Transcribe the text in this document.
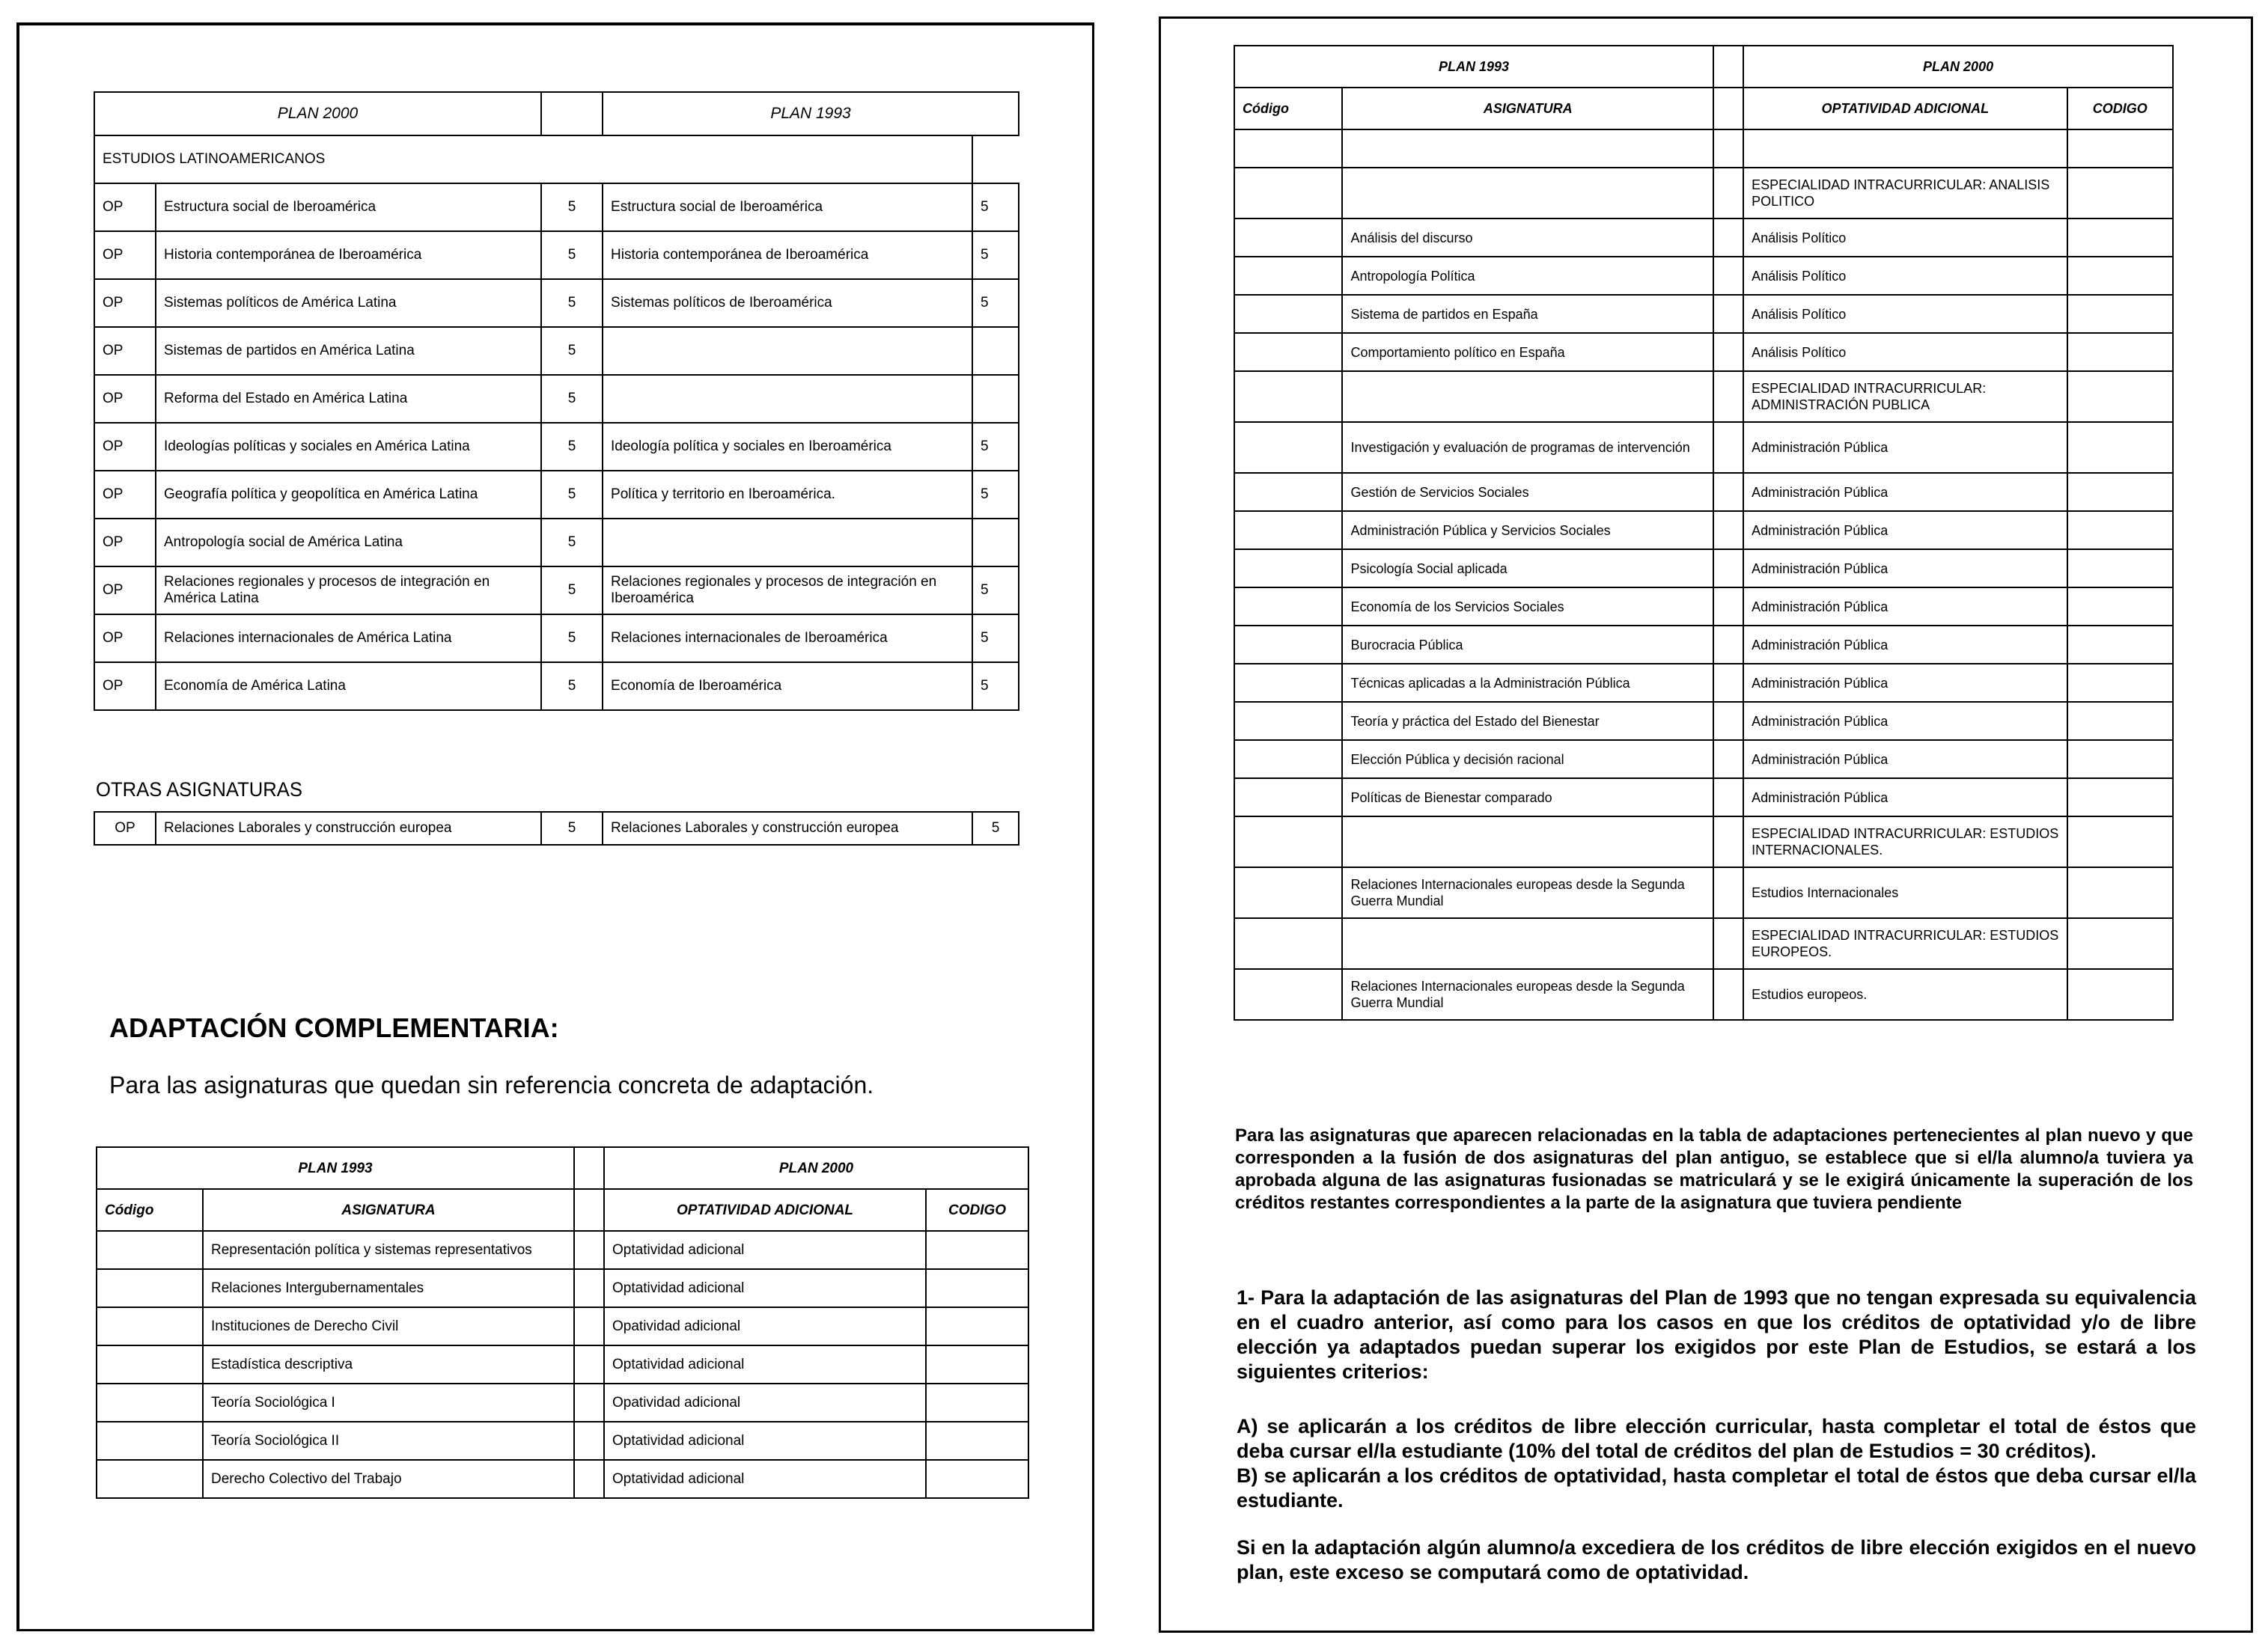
PLAN 2000			PLAN 1993	
ESTUDIOS LATINOAMERICANOS				
OP	Estructura social de Iberoamérica	5	Estructura social de Iberoamérica	5
OP	Historia contemporánea de Iberoamérica	5	Historia contemporánea de Iberoamérica	5
OP	Sistemas políticos de América Latina	5	Sistemas políticos de Iberoamérica	5
OP	Sistemas de partidos en América Latina	5		
OP	Reforma del Estado en América Latina	5		
OP	Ideologías políticas y sociales en América Latina	5	Ideología política y sociales en Iberoamérica	5
OP	Geografía política y geopolítica en América Latina	5	Política y territorio en Iberoamérica.	5
OP	Antropología social de América Latina	5		
OP	Relaciones regionales y procesos de integración en América Latina	5	Relaciones regionales y procesos de integración en Iberoamérica	5
OP	Relaciones internacionales de América Latina	5	Relaciones internacionales de Iberoamérica	5
OP	Economía de América Latina	5	Economía de Iberoamérica	5
OTRAS ASIGNATURAS
OP	Relaciones Laborales y construcción europea	5	Relaciones Laborales y construcción europea	5
ADAPTACIÓN COMPLEMENTARIA:
Para las asignaturas que quedan sin referencia concreta de adaptación.
PLAN 1993			PLAN 2000	
Código	ASIGNATURA		OPTATIVIDAD ADICIONAL	CODIGO
	Representación política y sistemas representativos		Optatividad adicional	
	Relaciones Intergubernamentales		Optatividad adicional	
	Instituciones de Derecho Civil		Opatividad adicional	
	Estadística descriptiva		Optatividad adicional	
	Teoría Sociológica I		Opatividad adicional	
	Teoría Sociológica II		Optatividad adicional	
	Derecho Colectivo del Trabajo		Optatividad adicional	
PLAN 1993			PLAN 2000	
Código	ASIGNATURA		OPTATIVIDAD ADICIONAL	CODIGO

			ESPECIALIDAD INTRACURRICULAR: ANALISIS POLITICO	
	Análisis del discurso		Análisis Político	
	Antropología Política		Análisis Político	
	Sistema de partidos en España		Análisis Político	
	Comportamiento político en España		Análisis Político	
			ESPECIALIDAD INTRACURRICULAR: ADMINISTRACIÓN PUBLICA	
	Investigación y evaluación de programas de intervención		Administración Pública	
	Gestión de Servicios Sociales		Administración Pública	
	Administración Pública y Servicios Sociales		Administración Pública	
	Psicología Social aplicada		Administración Pública	
	Economía de los Servicios Sociales		Administración Pública	
	Burocracia Pública		Administración Pública	
	Técnicas aplicadas a la Administración Pública		Administración Pública	
	Teoría y práctica del Estado del Bienestar		Administración Pública	
	Elección Pública y decisión racional		Administración Pública	
	Políticas de Bienestar comparado		Administración Pública	
			ESPECIALIDAD INTRACURRICULAR: ESTUDIOS INTERNACIONALES.	
	Relaciones Internacionales europeas desde la Segunda Guerra Mundial		Estudios Internacionales	
			ESPECIALIDAD INTRACURRICULAR: ESTUDIOS EUROPEOS.	
	Relaciones Internacionales europeas desde la Segunda Guerra Mundial		Estudios europeos.	
Para las asignaturas que aparecen relacionadas en la tabla de adaptaciones pertenecientes al plan nuevo y que corresponden a la fusión de dos asignaturas del plan antiguo, se establece que si el/la alumno/a tuviera ya aprobada alguna de las asignaturas fusionadas se matriculará y se le exigirá únicamente la superación de los créditos restantes correspondientes a la parte de la asignatura que tuviera pendiente
1- Para la adaptación de las asignaturas del Plan de 1993 que no tengan expresada su equivalencia en el cuadro anterior, así como para los casos en que los créditos de optatividad y/o de libre elección ya adaptados puedan superar los exigidos por este Plan de Estudios, se estará a los siguientes criterios:
A) se aplicarán a los créditos de libre elección curricular, hasta completar el total de éstos que deba cursar el/la estudiante (10% del total de créditos del plan de Estudios = 30 créditos).
B) se aplicarán a los créditos de optatividad, hasta completar el total de éstos que deba cursar el/la estudiante.
Si en la adaptación algún alumno/a excediera de los créditos de libre elección exigidos en el nuevo plan, este exceso se computará como de optatividad.
